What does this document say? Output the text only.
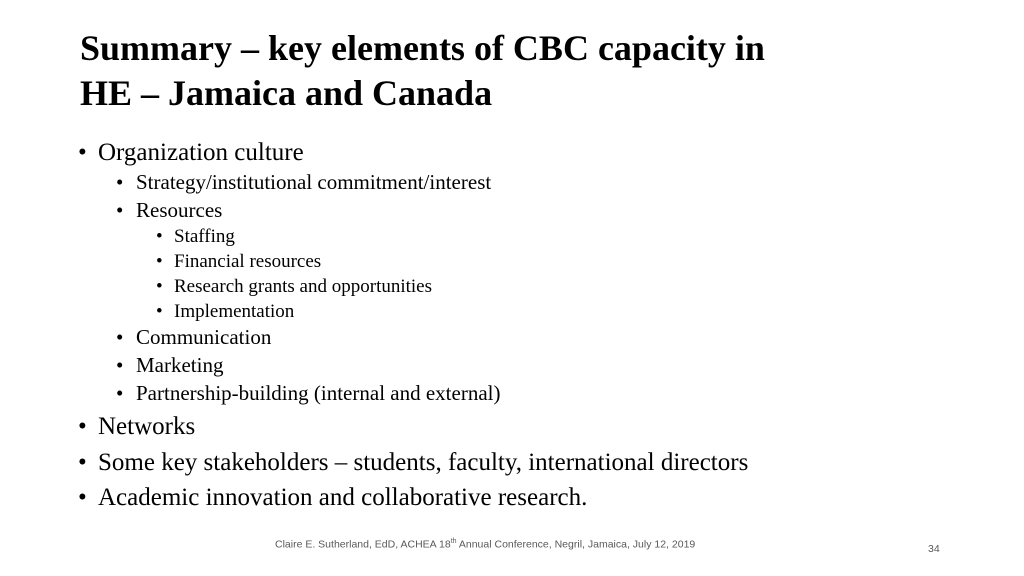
Summary – key elements of CBC capacity in
HE – Jamaica and Canada
• Organization culture
• Strategy/institutional commitment/interest
• Resources
• Staffing
• Financial resources
• Research grants and opportunities
• Implementation
• Communication
• Marketing
• Partnership-building (internal and external)
• Networks
• Some key stakeholders – students, faculty, international directors
• Academic innovation and collaborative research.
Claire E. Sutherland, EdD, ACHEA 18th Annual Conference, Negril, Jamaica, July 12, 2019	34
